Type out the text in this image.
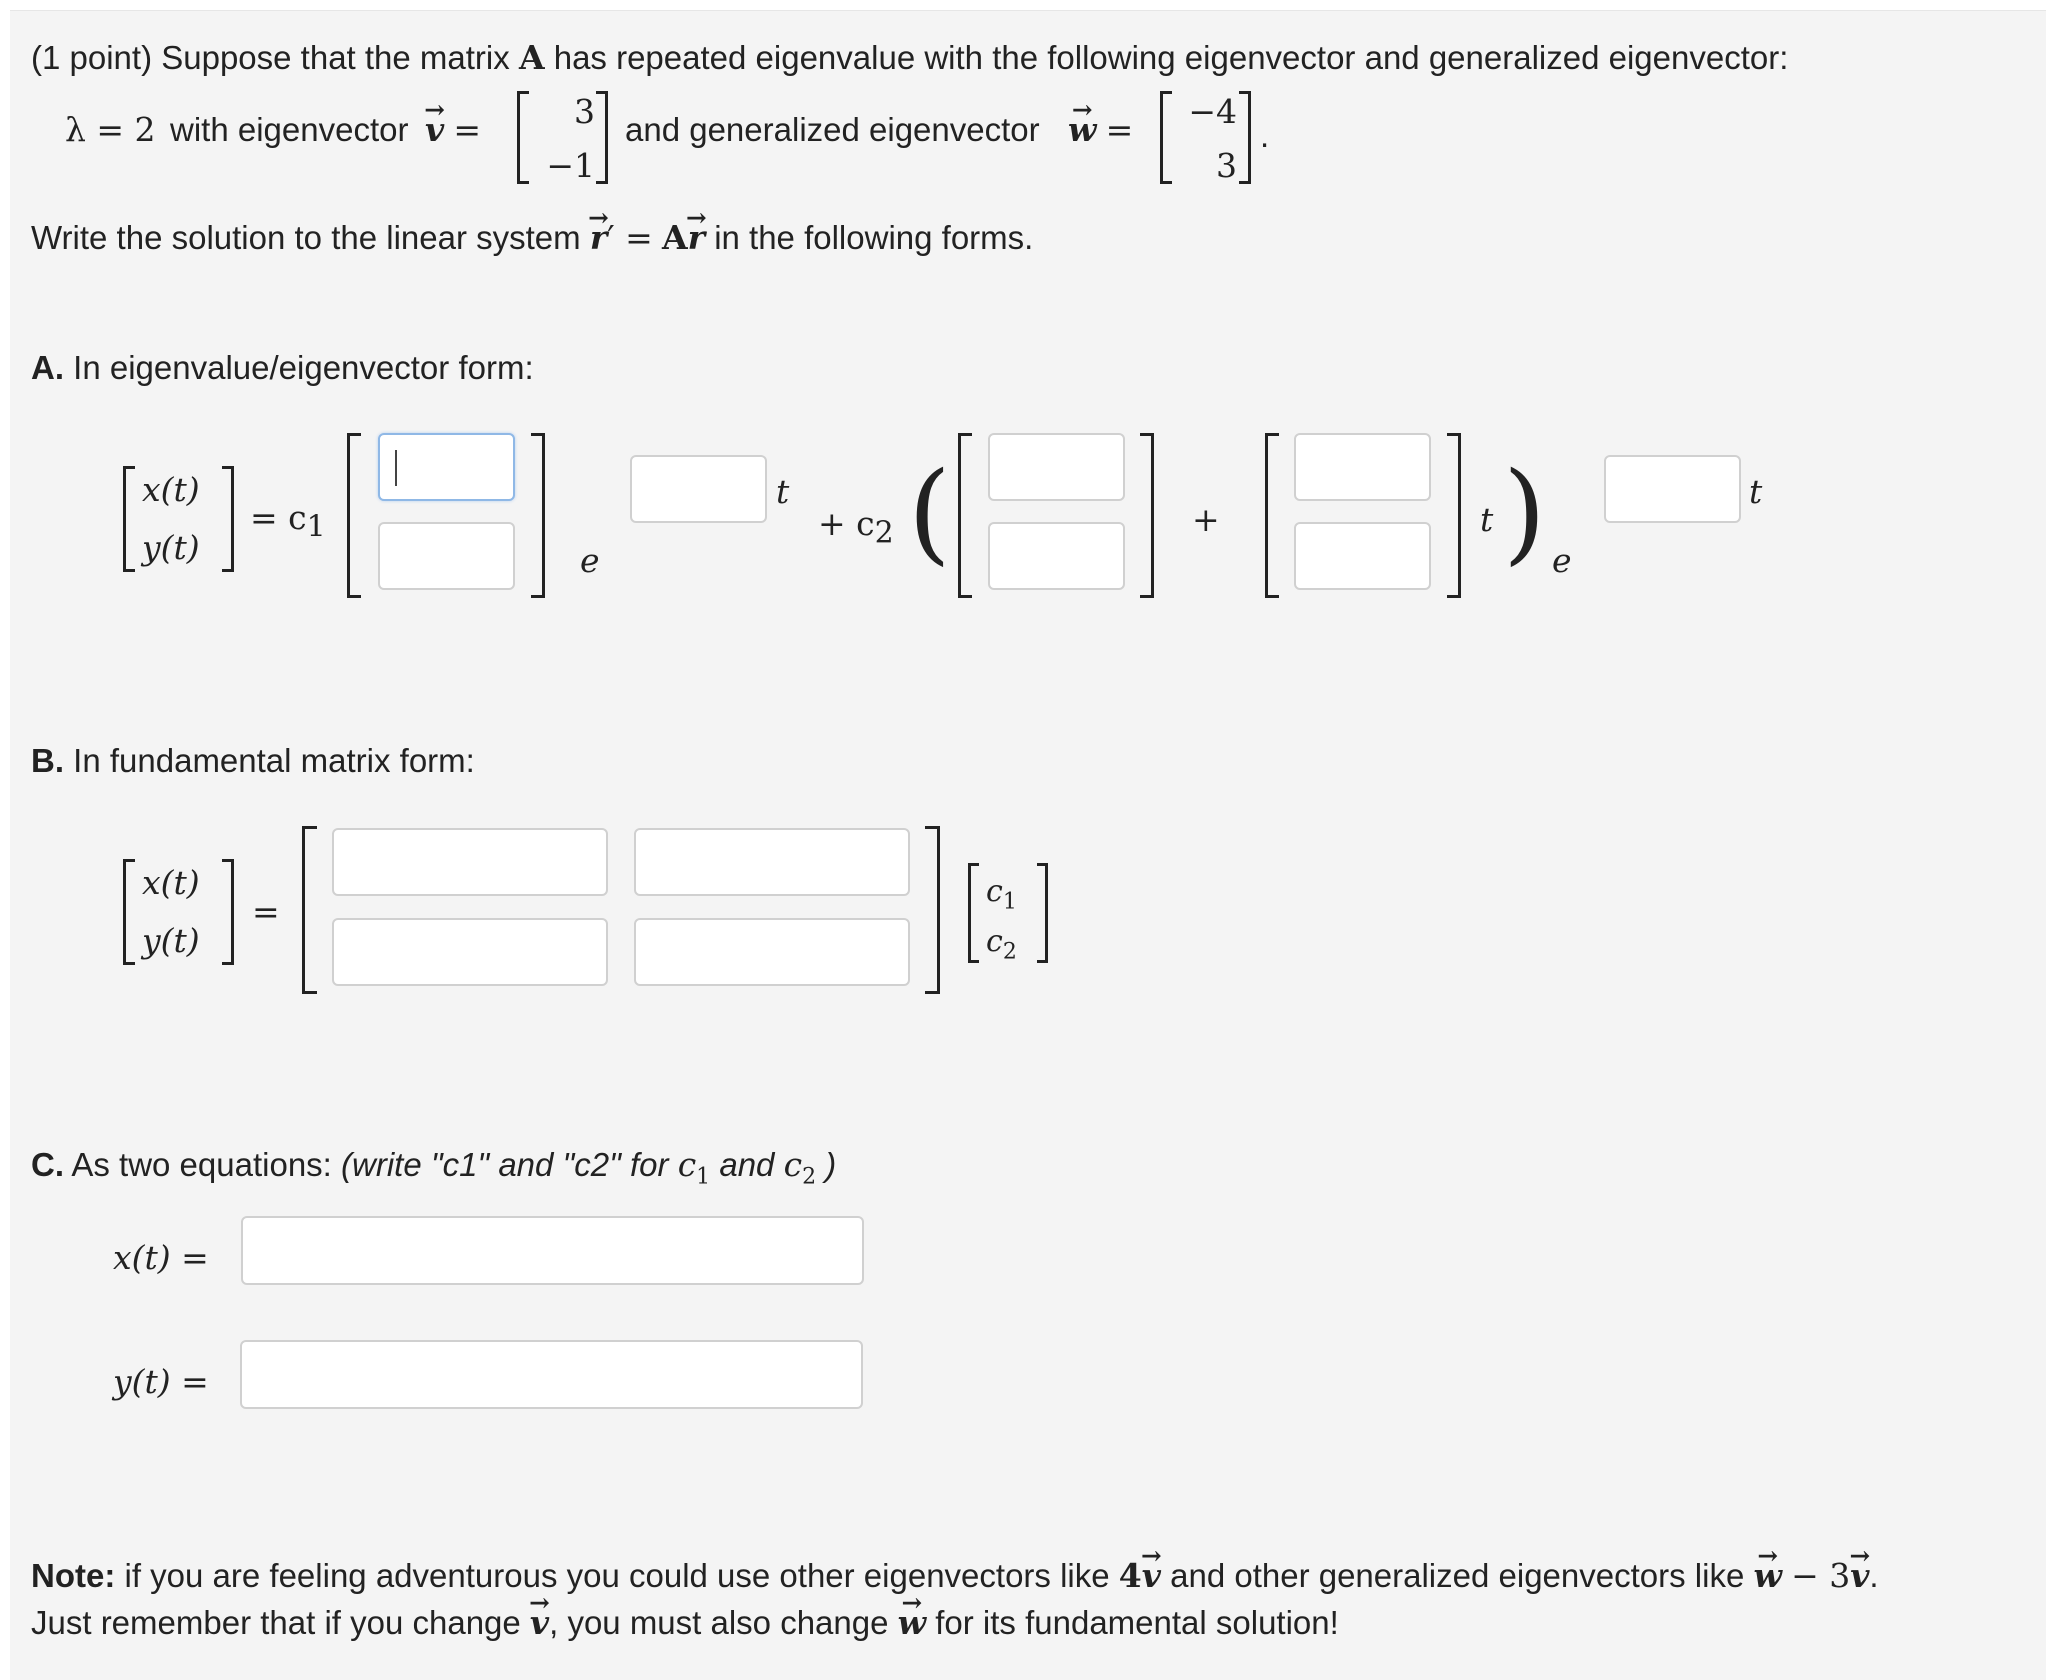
(1 point) Suppose that the matrix A has repeated eigenvalue with the following eigenvector and generalized eigenvector:
λ = 2 with eigenvector → v =	3
−1
and generalized eigenvector → w =	−4
3
.
Write the solution to the linear system → r′ = A→ r in the following forms.
A. In eigenvalue/eigenvector form:
x(t)
y(t)
= $c_1$
e
t
+ $c_2$ (	+	t ) e
t
B. In fundamental matrix form:
x(t)
y(t)
=
$c_1$
$c_2$
C. As two equations: (write "c1" and "c2" for $c_1$ and $c_2$ )
x(t) =
y(t) =
Note: if you are feeling adventurous you could use other eigenvectors like 4→ v and other generalized eigenvectors like → w − 3→ v.
Just remember that if you change → v, you must also change → w for its fundamental solution!
